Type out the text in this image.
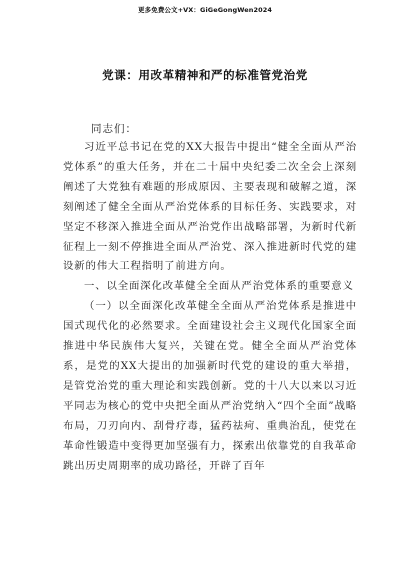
更多免费公文+VX：GiGeGongWen2024
党课：用改革精神和严的标准管党治党
同志们：

习近平总书记在党的XX大报告中提出“健全全面从严治党体系”的重大任务，并在二十届中央纪委二次全会上深刻阐述了大党独有难题的形成原因、主要表现和破解之道，深刻阐述了健全全面从严治党体系的目标任务、实践要求，对坚定不移深入推进全面从严治党作出战略部署，为新时代新征程上一刻不停推进全面从严治党、深入推进新时代党的建设新的伟大工程指明了前进方向。

一、以全面深化改革健全全面从严治党体系的重要意义

（一）以全面深化改革健全全面从严治党体系是推进中国式现代化的必然要求。全面建设社会主义现代化国家全面推进中华民族伟大复兴，关键在党。健全全面从严治党体系，是党的XX大提出的加强新时代党的建设的重大举措，是管党治党的重大理论和实践创新。党的十八大以来以习近平同志为核心的党中央把全面从严治党纳入“四个全面”战略布局，刀刃向内、刮骨疗毒，猛药祛疴、重典治乱，使党在革命性锻造中变得更加坚强有力，探索出依靠党的自我革命跳出历史周期率的成功路径，开辟了百年
